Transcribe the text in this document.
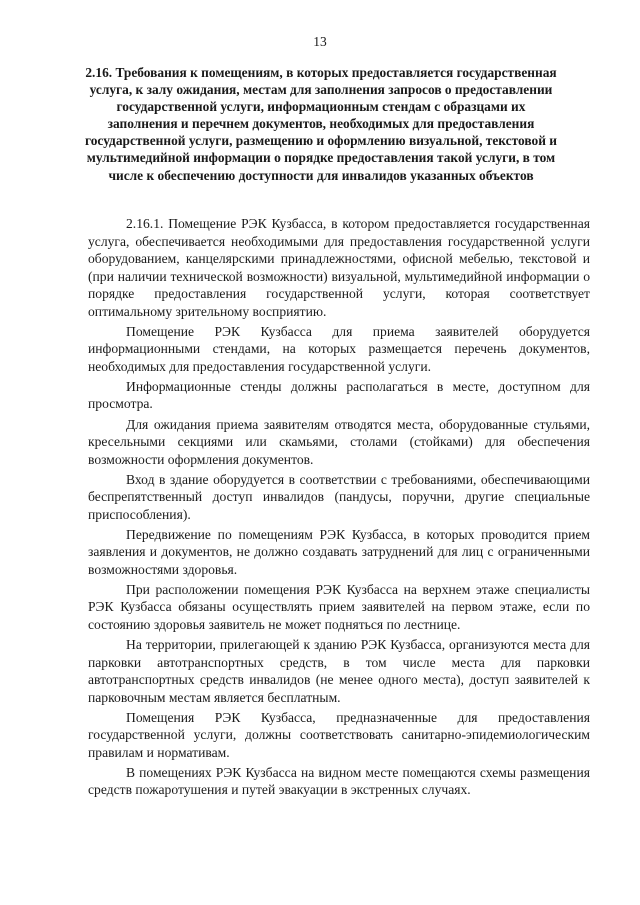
13
2.16. Требования к помещениям, в которых предоставляется государственная услуга, к залу ожидания, местам для заполнения запросов о предоставлении государственной услуги, информационным стендам с образцами их заполнения и перечнем документов, необходимых для предоставления государственной услуги, размещению и оформлению визуальной, текстовой и мультимедийной информации о порядке предоставления такой услуги, в том числе к обеспечению доступности для инвалидов указанных объектов

2.16.1. Помещение РЭК Кузбасса, в котором предоставляется государственная услуга, обеспечивается необходимыми для предоставления государственной услуги оборудованием, канцелярскими принадлежностями, офисной мебелью, текстовой и (при наличии технической возможности) визуальной, мультимедийной информации о порядке предоставления государственной услуги, которая соответствует оптимальному зрительному восприятию.

Помещение РЭК Кузбасса для приема заявителей оборудуется информационными стендами, на которых размещается перечень документов, необходимых для предоставления государственной услуги.

Информационные стенды должны располагаться в месте, доступном для просмотра.

Для ожидания приема заявителям отводятся места, оборудованные стульями, кресельными секциями или скамьями, столами (стойками) для обеспечения возможности оформления документов.

Вход в здание оборудуется в соответствии с требованиями, обеспечивающими беспрепятственный доступ инвалидов (пандусы, поручни, другие специальные приспособления).

Передвижение по помещениям РЭК Кузбасса, в которых проводится прием заявления и документов, не должно создавать затруднений для лиц с ограниченными возможностями здоровья.

При расположении помещения РЭК Кузбасса на верхнем этаже специалисты РЭК Кузбасса обязаны осуществлять прием заявителей на первом этаже, если по состоянию здоровья заявитель не может подняться по лестнице.

На территории, прилегающей к зданию РЭК Кузбасса, организуются места для парковки автотранспортных средств, в том числе места для парковки автотранспортных средств инвалидов (не менее одного места), доступ заявителей к парковочным местам является бесплатным.

Помещения РЭК Кузбасса, предназначенные для предоставления государственной услуги, должны соответствовать санитарно-эпидемиологическим правилам и нормативам.

В помещениях РЭК Кузбасса на видном месте помещаются схемы размещения средств пожаротушения и путей эвакуации в экстренных случаях.
